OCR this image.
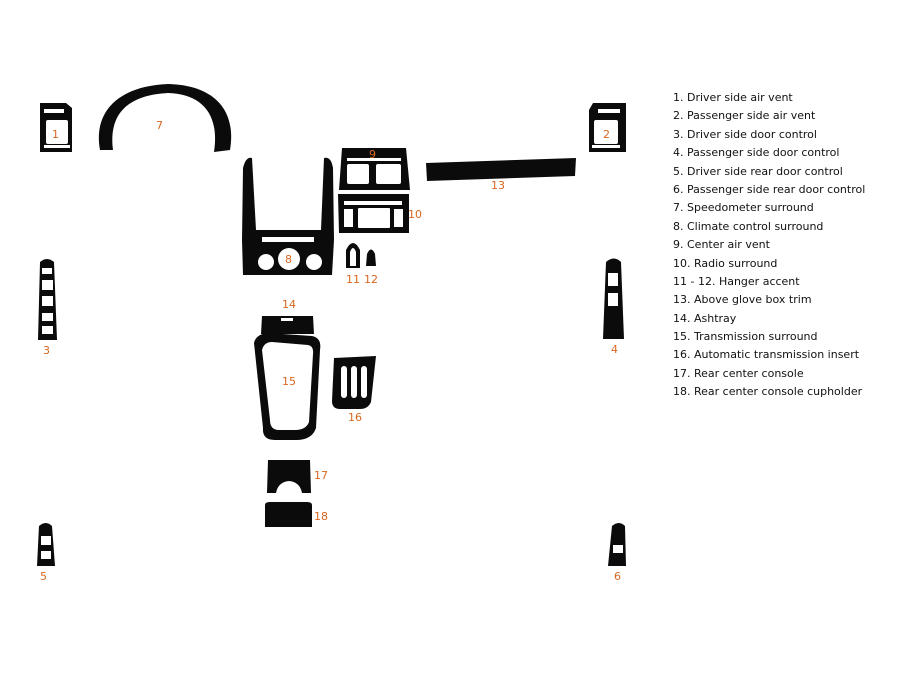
1	2
3	4
5	6
7
8
9
10
11 12
13
14
15
16
17
18
1. Driver side air vent
2. Passenger side air vent
3. Driver side door control
4. Passenger side door control
5. Driver side rear door control
6. Passenger side rear door control
7. Speedometer surround
8. Climate control surround
9. Center air vent
10. Radio surround
11 - 12. Hanger accent
13. Above glove box trim
14. Ashtray
15. Transmission surround
16. Automatic transmission insert
17. Rear center console
18. Rear center console cupholder
